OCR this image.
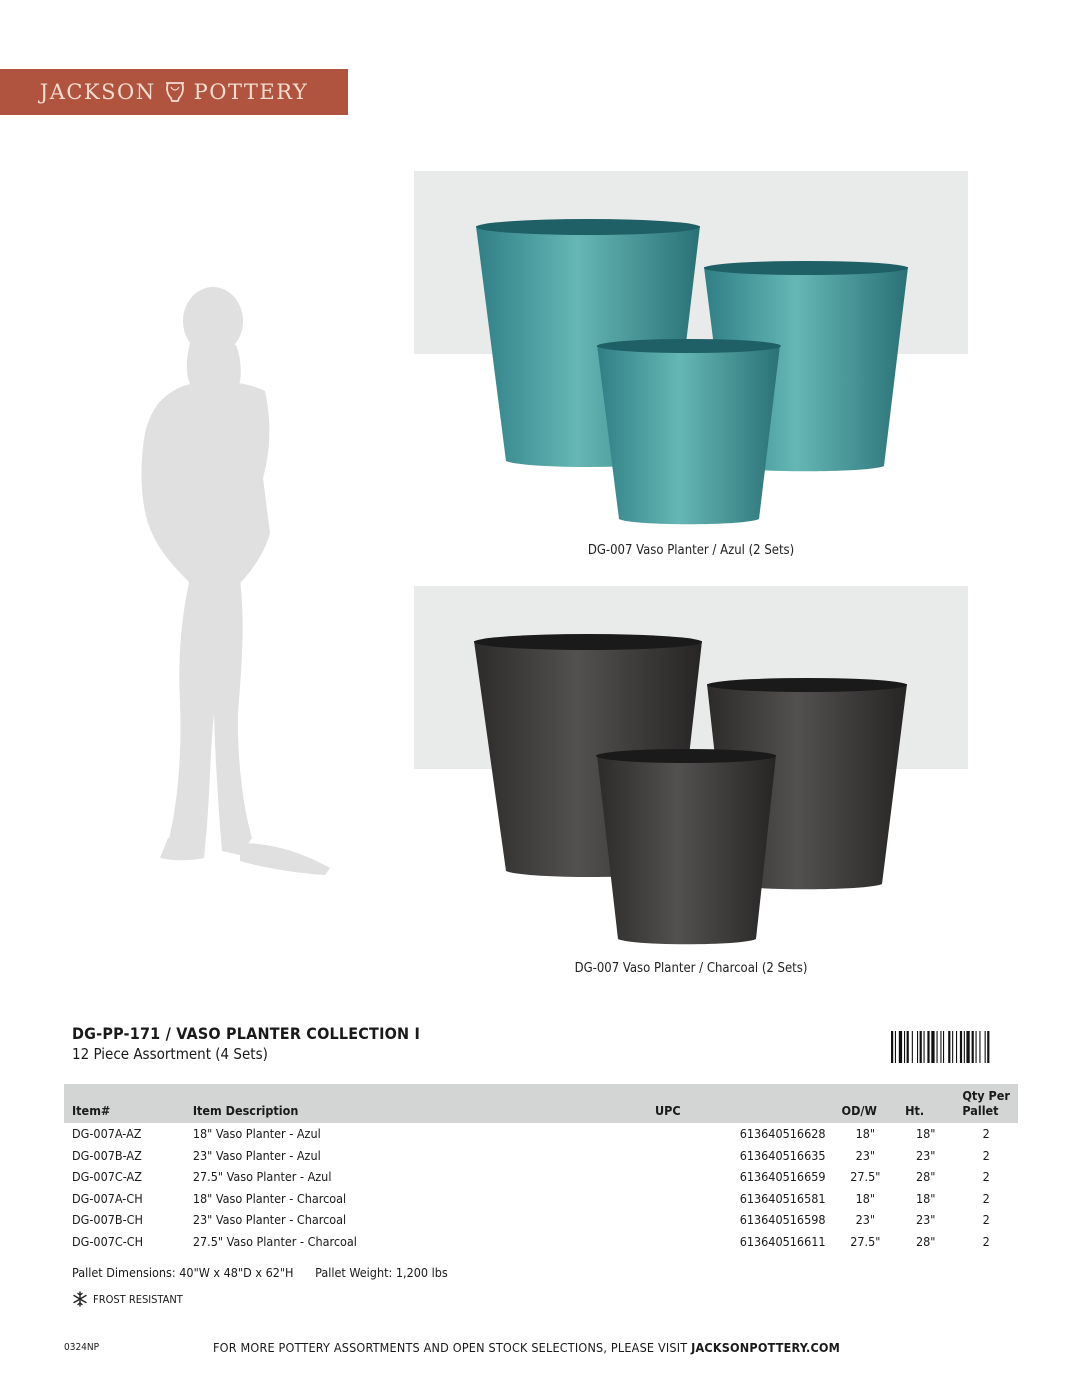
JACKSON POTTERY
DG-007 Vaso Planter / Azul (2 Sets)
DG-007 Vaso Planter / Charcoal (2 Sets)
DG-PP-171 / VASO PLANTER COLLECTION I
12 Piece Assortment (4 Sets)
Item#	Item Description	UPC	OD/W	Ht.	Qty Per
Pallet

DG-007A-AZ	18" Vaso Planter - Azul	613640516628	18"	18"	2
DG-007B-AZ	23" Vaso Planter - Azul	613640516635	23"	23"	2
DG-007C-AZ	27.5" Vaso Planter - Azul	613640516659	27.5"	28"	2
DG-007A-CH	18" Vaso Planter - Charcoal	613640516581	18"	18"	2
DG-007B-CH	23" Vaso Planter - Charcoal	613640516598	23"	23"	2
DG-007C-CH	27.5" Vaso Planter - Charcoal	613640516611	27.5"	28"	2
Pallet Dimensions: 40"W x 48"D x 62"H Pallet Weight: 1,200 lbs
FROST RESISTANT
0324NP	FOR MORE POTTERY ASSORTMENTS AND OPEN STOCK SELECTIONS, PLEASE VISIT JACKSONPOTTERY.COM
